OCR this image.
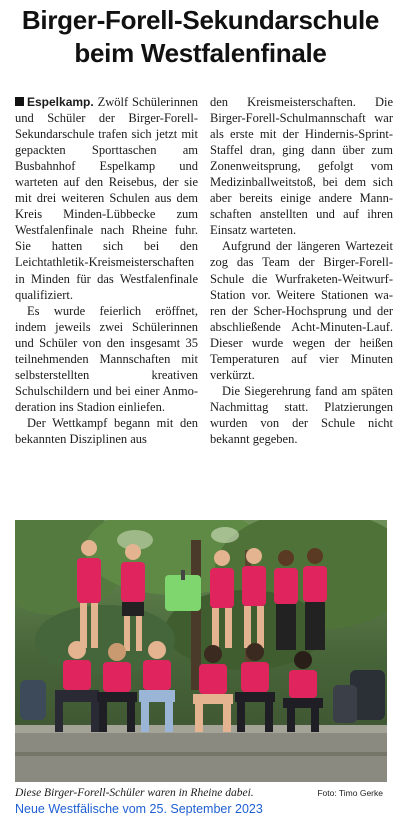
Birger-Forell-Sekundarschule
beim Westfalenfinale

Espelkamp. Zwölf Schülerinnen und Schüler der Birger-Forell-Sekundarschule trafen sich jetzt mit gepackten Sporttaschen am Busbahnhof Espelkamp und warteten auf den Reisebus, der sie mit drei weiteren Schulen aus dem Kreis Minden-Lübbecke zum Westfalenfinale nach Rheine fuhr. Sie hatten sich bei den Leichtathletik-Kreismeisterschaften in Minden für das Westfalenfinale qualifiziert.

Es wurde feierlich eröffnet, indem jeweils zwei Schülerinnen und Schüler von den insgesamt 35 teilnehmenden Mannschaften mit selbsterstellten kreativen Schulschildern und bei einer Anmoderation ins Stadion einliefen.

Der Wettkampf begann mit den bekannten Disziplinen aus

den Kreismeisterschaften. Die Birger-Forell-Schulmannschaft war als erste mit der Hindernis-Sprint-Staffel dran, ging dann über zum Zonenweitsprung, gefolgt vom Medizinballweitstoß, bei dem sich aber bereits einige andere Mannschaften anstellten und auf ihren Einsatz warteten.

Aufgrund der längeren Wartezeit zog das Team der Birger-Forell-Schule die Wurfraketen-Weitwurf-Station vor. Weitere Stationen waren der Scher-Hochsprung und der abschließende Acht-Minuten-Lauf. Dieser wurde wegen der heißen Temperaturen auf vier Minuten verkürzt.

Die Siegerehrung fand am späten Nachmittag statt. Platzierungen wurden von der Schule nicht bekannt gegeben.

Diese Birger-Forell-Schüler waren in Rheine dabei.	Foto: Timo Gerke
Neue Westfälische vom 25. September 2023
